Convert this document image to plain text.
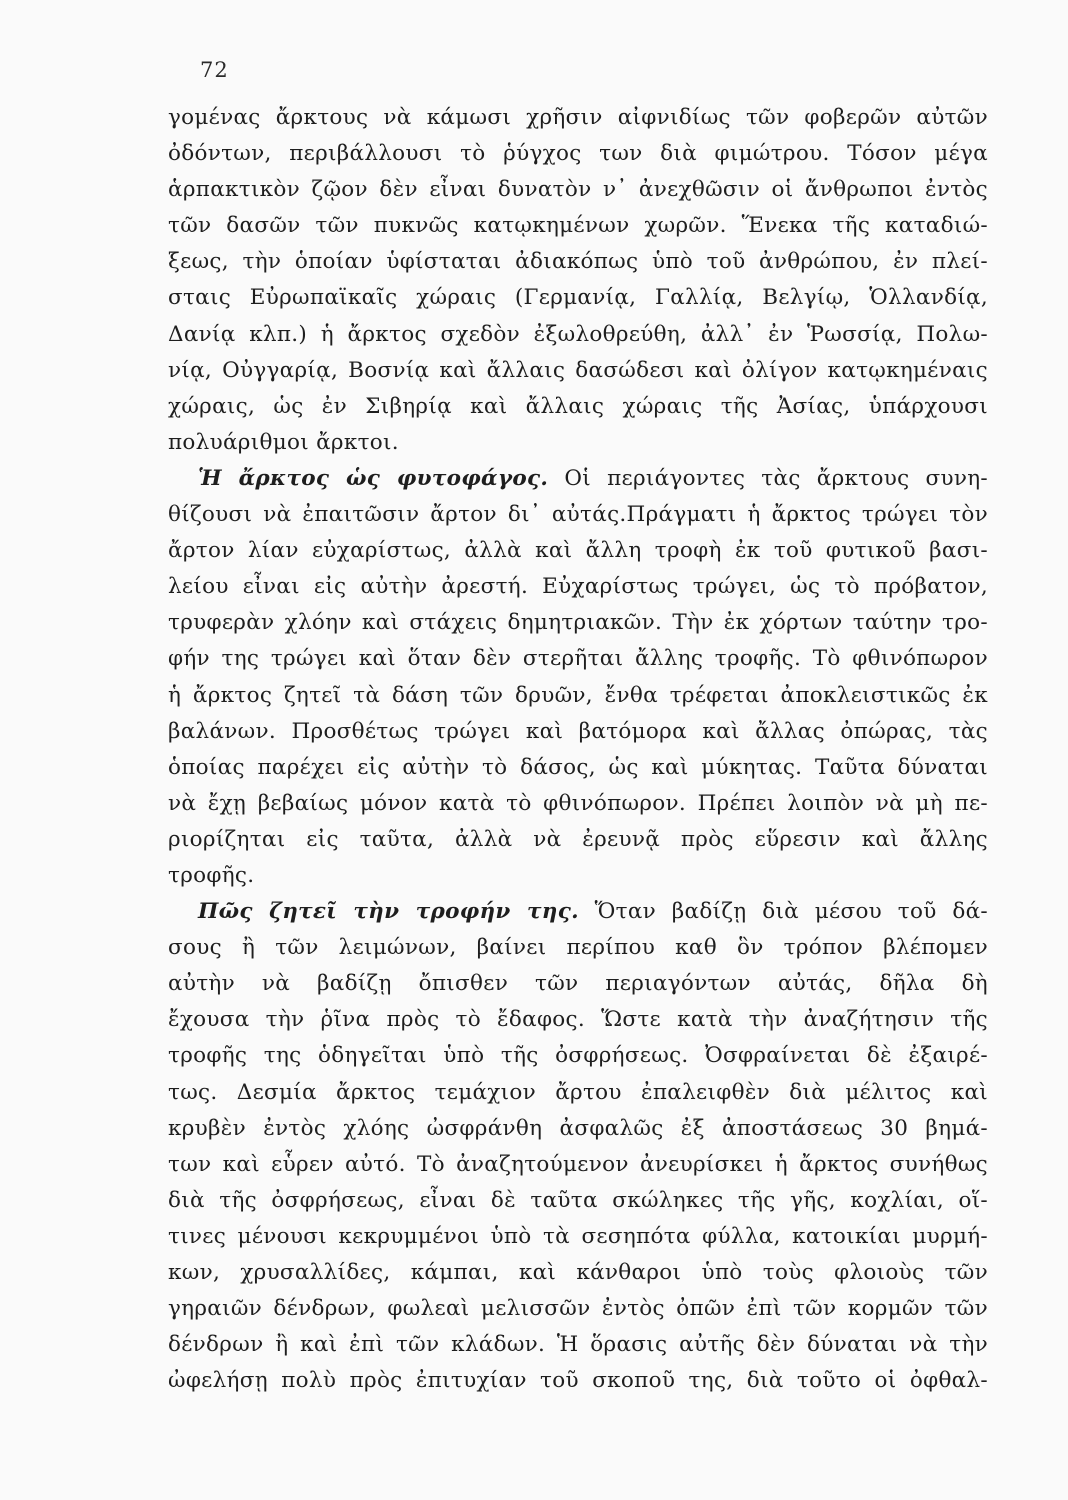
72
γομένας ἄρκτους νὰ κάμωσι χρῆσιν αἰφνιδίως τῶν φοβερῶν αὐτῶν
ὀδόντων, περιβάλλουσι τὸ ῥύγχος των διὰ φιμώτρου. Τόσον μέγα
ἁρπακτικὸν ζῷον δὲν εἶναι δυνατὸν ν᾽ ἀνεχθῶσιν οἱ ἄνθρωποι ἐντὸς
τῶν δασῶν τῶν πυκνῶς κατῳκημένων χωρῶν. Ἕνεκα τῆς καταδιώ-
ξεως, τὴν ὁποίαν ὑφίσταται ἀδιακόπως ὑπὸ τοῦ ἀνθρώπου, ἐν πλεί-
σταις Εὐρωπαϊκαῖς χώραις (Γερμανίᾳ, Γαλλίᾳ, Βελγίῳ, Ὁλλανδίᾳ,
Δανίᾳ κλπ.) ἡ ἄρκτος σχεδὸν ἐξωλοθρεύθη, ἀλλ᾽ ἐν Ῥωσσίᾳ, Πολω-
νίᾳ, Οὐγγαρίᾳ, Βοσνίᾳ καὶ ἄλλαις δασώδεσι καὶ ὀλίγον κατῳκημέναις
χώραις, ὡς ἐν Σιβηρίᾳ καὶ ἄλλαις χώραις τῆς Ἀσίας, ὑπάρχουσι
πολυάριθμοι ἄρκτοι.
Ἡ ἄρκτος ὡς φυτοφάγος. Οἱ περιάγοντες τὰς ἄρκτους συνη-
θίζουσι νὰ ἐπαιτῶσιν ἄρτον δι᾽ αὐτάς.Πράγματι ἡ ἄρκτος τρώγει τὸν
ἄρτον λίαν εὐχαρίστως, ἀλλὰ καὶ ἄλλη τροφὴ ἐκ τοῦ φυτικοῦ βασι-
λείου εἶναι εἰς αὐτὴν ἀρεστή. Εὐχαρίστως τρώγει, ὡς τὸ πρόβατον,
τρυφερὰν χλόην καὶ στάχεις δημητριακῶν. Τὴν ἐκ χόρτων ταύτην τρο-
φήν της τρώγει καὶ ὅταν δὲν στερῆται ἄλλης τροφῆς. Τὸ φθινόπωρον
ἡ ἄρκτος ζητεῖ τὰ δάση τῶν δρυῶν, ἔνθα τρέφεται ἀποκλειστικῶς ἐκ
βαλάνων. Προσθέτως τρώγει καὶ βατόμορα καὶ ἄλλας ὀπώρας, τὰς
ὁποίας παρέχει εἰς αὐτὴν τὸ δάσος, ὡς καὶ μύκητας. Ταῦτα δύναται
νὰ ἔχῃ βεβαίως μόνον κατὰ τὸ φθινόπωρον. Πρέπει λοιπὸν νὰ μὴ πε-
ριορίζηται εἰς ταῦτα, ἀλλὰ νὰ ἐρευνᾷ πρὸς εὕρεσιν καὶ ἄλλης
τροφῆς.
Πῶς ζητεῖ τὴν τροφήν της. Ὅταν βαδίζῃ διὰ μέσου τοῦ δά-
σους ἢ τῶν λειμώνων, βαίνει περίπου καθ ὃν τρόπον βλέπομεν
αὐτὴν νὰ βαδίζῃ ὄπισθεν τῶν περιαγόντων αὐτάς, δῆλα δὴ
ἔχουσα τὴν ῥῖνα πρὸς τὸ ἔδαφος. Ὥστε κατὰ τὴν ἀναζήτησιν τῆς
τροφῆς της ὁδηγεῖται ὑπὸ τῆς ὀσφρήσεως. Ὀσφραίνεται δὲ ἐξαιρέ-
τως. Δεσμία ἄρκτος τεμάχιον ἄρτου ἐπαλειφθὲν διὰ μέλιτος καὶ
κρυβὲν ἐντὸς χλόης ὠσφράνθη ἀσφαλῶς ἐξ ἀποστάσεως 30 βημά-
των καὶ εὗρεν αὐτό. Τὸ ἀναζητούμενον ἀνευρίσκει ἡ ἄρκτος συνήθως
διὰ τῆς ὀσφρήσεως, εἶναι δὲ ταῦτα σκώληκες τῆς γῆς, κοχλίαι, οἵ-
τινες μένουσι κεκρυμμένοι ὑπὸ τὰ σεσηπότα φύλλα, κατοικίαι μυρμή-
κων, χρυσαλλίδες, κάμπαι, καὶ κάνθαροι ὑπὸ τοὺς φλοιοὺς τῶν
γηραιῶν δένδρων, φωλεαὶ μελισσῶν ἐντὸς ὀπῶν ἐπὶ τῶν κορμῶν τῶν
δένδρων ἢ καὶ ἐπὶ τῶν κλάδων. Ἡ ὅρασις αὐτῆς δὲν δύναται νὰ τὴν
ὠφελήσῃ πολὺ πρὸς ἐπιτυχίαν τοῦ σκοποῦ της, διὰ τοῦτο οἱ ὀφθαλ-
